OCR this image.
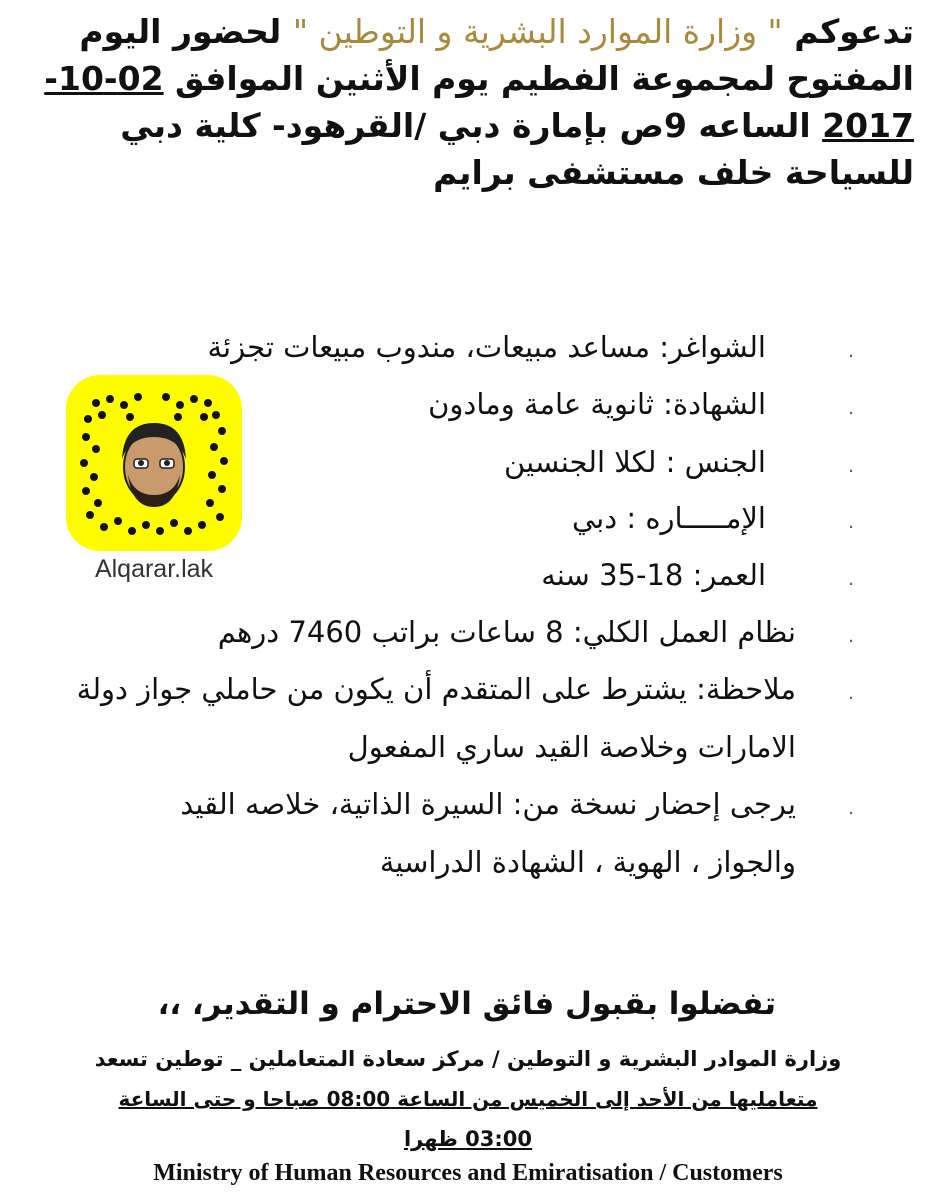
تدعوكم " وزارة الموارد البشرية و التوطين " لحضور اليوم المفتوح لمجموعة الفطيم يوم الأثنين الموافق 02-10-2017 الساعه 9ص بإمارة دبي /القرهود- كلية دبي للسياحة خلف مستشفى برايم
·
الشواغر: مساعد مبيعات، مندوب مبيعات تجزئة
·
الشهادة: ثانوية عامة ومادون
·
الجنس : لكلا الجنسين
·
الإمـــــاره : دبي
·
العمر: 18-35 سنه
·
نظام العمل الكلي: 8 ساعات براتب 7460 درهم
·
ملاحظة: يشترط على المتقدم أن يكون من حاملي جواز دولة
الامارات وخلاصة القيد ساري المفعول
·
يرجى إحضار نسخة من: السيرة الذاتية، خلاصه القيد
والجواز ، الهوية ، الشهادة الدراسية
Alqarar.lak
تفضلوا بقبول فائق الاحترام و التقدير، ،،
وزارة الموادر البشرية و التوطين / مركز سعادة المتعاملين _ توطين تسعد
متعامليها من الأحد إلى الخميس من الساعة 08:00 صباحا و حتى الساعة
03:00 ظهرا
Ministry of Human Resources and Emiratisation / Customers
